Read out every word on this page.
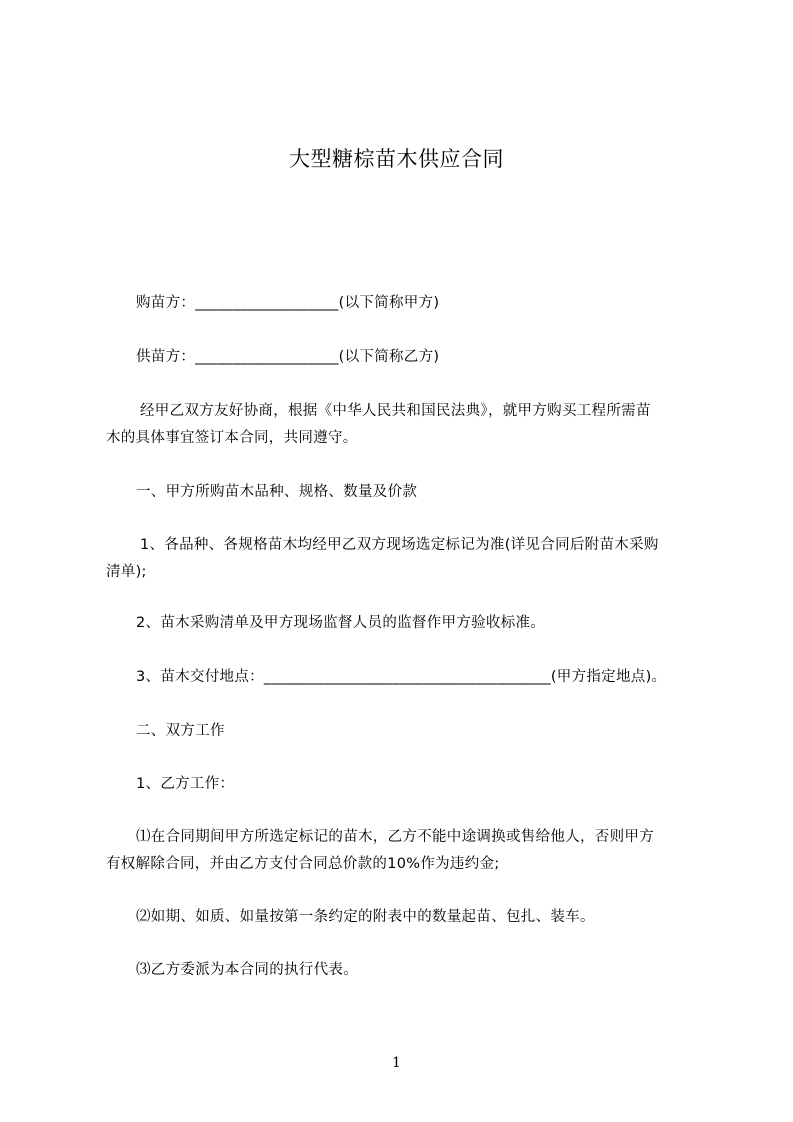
大型糖棕苗木供应合同
购苗方：___________________(以下简称甲方)
供苗方：___________________(以下简称乙方)
经甲乙双方友好协商，根据《中华人民共和国民法典》，就甲方购买工程所需苗
木的具体事宜签订本合同，共同遵守。
一、甲方所购苗木品种、规格、数量及价款
1、各品种、各规格苗木均经甲乙双方现场选定标记为准(详见合同后附苗木采购
清单);
2、苗木采购清单及甲方现场监督人员的监督作甲方验收标准。
3、苗木交付地点：______________________________________(甲方指定地点)。
二、双方工作
1、乙方工作：
⑴在合同期间甲方所选定标记的苗木，乙方不能中途调换或售给他人，否则甲方
有权解除合同，并由乙方支付合同总价款的10%作为违约金;
⑵如期、如质、如量按第一条约定的附表中的数量起苗、包扎、装车。
⑶乙方委派为本合同的执行代表。
1
